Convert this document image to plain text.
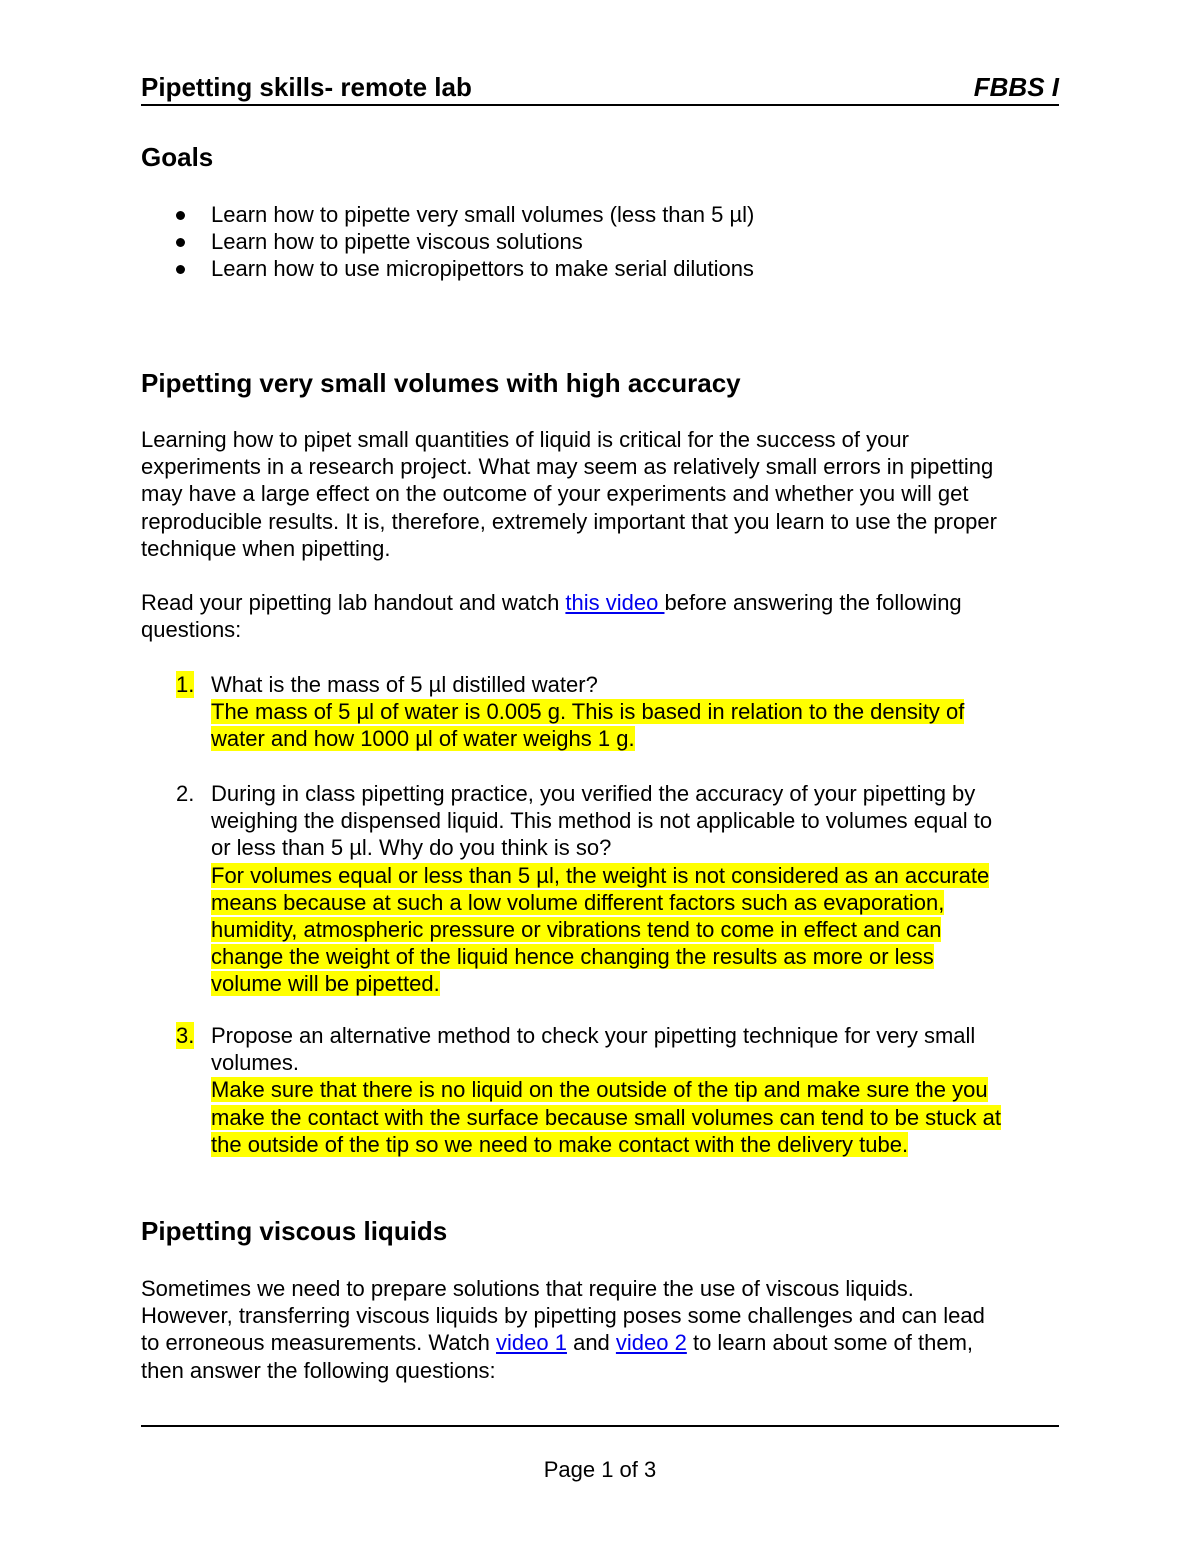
Pipetting skills- remote lab	FBBS I
Goals
Learn how to pipette very small volumes (less than 5 µl)
Learn how to pipette viscous solutions
Learn how to use micropipettors to make serial dilutions
Pipetting very small volumes with high accuracy
Learning how to pipet small quantities of liquid is critical for the success of your
experiments in a research project. What may seem as relatively small errors in pipetting
may have a large effect on the outcome of your experiments and whether you will get
reproducible results. It is, therefore, extremely important that you learn to use the proper
technique when pipetting.
Read your pipetting lab handout and watch this video before answering the following
questions:
1. What is the mass of 5 µl distilled water?
The mass of 5 µl of water is 0.005 g. This is based in relation to the density of
water and how 1000 µl of water weighs 1 g.
2. During in class pipetting practice, you verified the accuracy of your pipetting by
weighing the dispensed liquid. This method is not applicable to volumes equal to
or less than 5 µl. Why do you think is so?
For volumes equal or less than 5 µl, the weight is not considered as an accurate
means because at such a low volume different factors such as evaporation,
humidity, atmospheric pressure or vibrations tend to come in effect and can
change the weight of the liquid hence changing the results as more or less
volume will be pipetted.
3. Propose an alternative method to check your pipetting technique for very small
volumes.
Make sure that there is no liquid on the outside of the tip and make sure the you
make the contact with the surface because small volumes can tend to be stuck at
the outside of the tip so we need to make contact with the delivery tube.
Pipetting viscous liquids
Sometimes we need to prepare solutions that require the use of viscous liquids.
However, transferring viscous liquids by pipetting poses some challenges and can lead
to erroneous measurements. Watch video 1 and video 2 to learn about some of them,
then answer the following questions:
Page 1 of 3
